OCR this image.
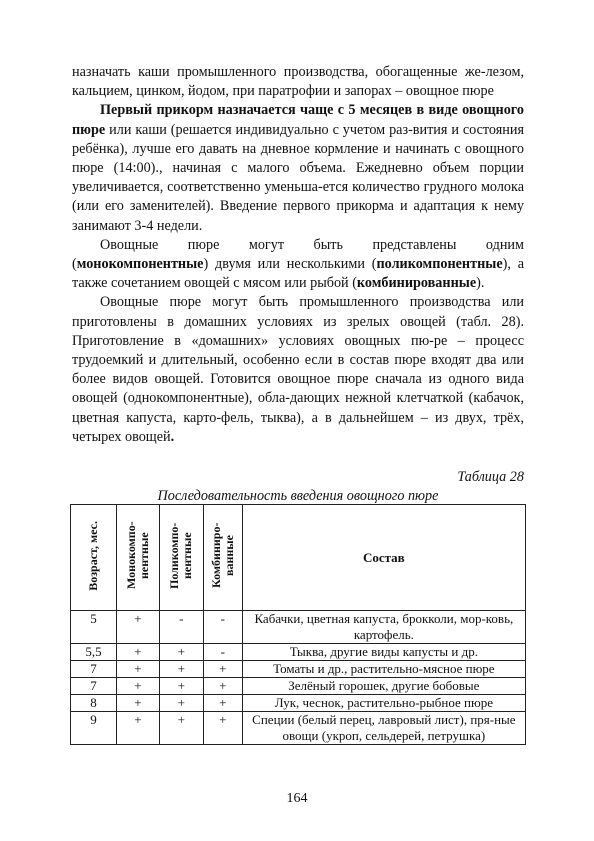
назначать каши промышленного производства, обогащенные же-лезом, кальцием, цинком, йодом, при паратрофии и запорах – овощное пюре

Первый прикорм назначается чаще с 5 месяцев в виде овощного пюре или каши (решается индивидуально с учетом раз-вития и состояния ребёнка), лучше его давать на дневное кормление и начинать с овощного пюре (14:00)., начиная с малого объема. Ежедневно объем порции увеличивается, соответственно уменьша-ется количество грудного молока (или его заменителей). Введение первого прикорма и адаптация к нему занимают 3-4 недели.

Овощные пюре могут быть представлены одним (монокомпонентные) двумя или несколькими (поликомпонентные), а также сочетанием овощей с мясом или рыбой (комбинированные).

Овощные пюре могут быть промышленного производства или приготовлены в домашних условиях из зрелых овощей (табл. 28). Приготовление в «домашних» условиях овощных пю-ре – процесс трудоемкий и длительный, особенно если в состав пюре входят два или более видов овощей. Готовится овощное пюре сначала из одного вида овощей (однокомпонентные), обла-дающих нежной клетчаткой (кабачок, цветная капуста, карто-фель, тыква), а в дальнейшем – из двух, трёх, четырех овощей.

Таблица 28
Последовательность введения овощного пюре
Возраст, мес.	Монокомпо-нентные	Поликомпо-нентные	Комбиниро-ванные	Состав
5	+	-	-	Кабачки, цветная капуста, брокколи, мор-ковь, картофель.
5,5	+	+	-	Тыква, другие виды капусты и др.
7	+	+	+	Томаты и др., растительно-мясное пюре
7	+	+	+	Зелёный горошек, другие бобовые
8	+	+	+	Лук, чеснок, растительно-рыбное пюре
9	+	+	+	Специи (белый перец, лавровый лист), пря-ные овощи (укроп, сельдерей, петрушка)
164
